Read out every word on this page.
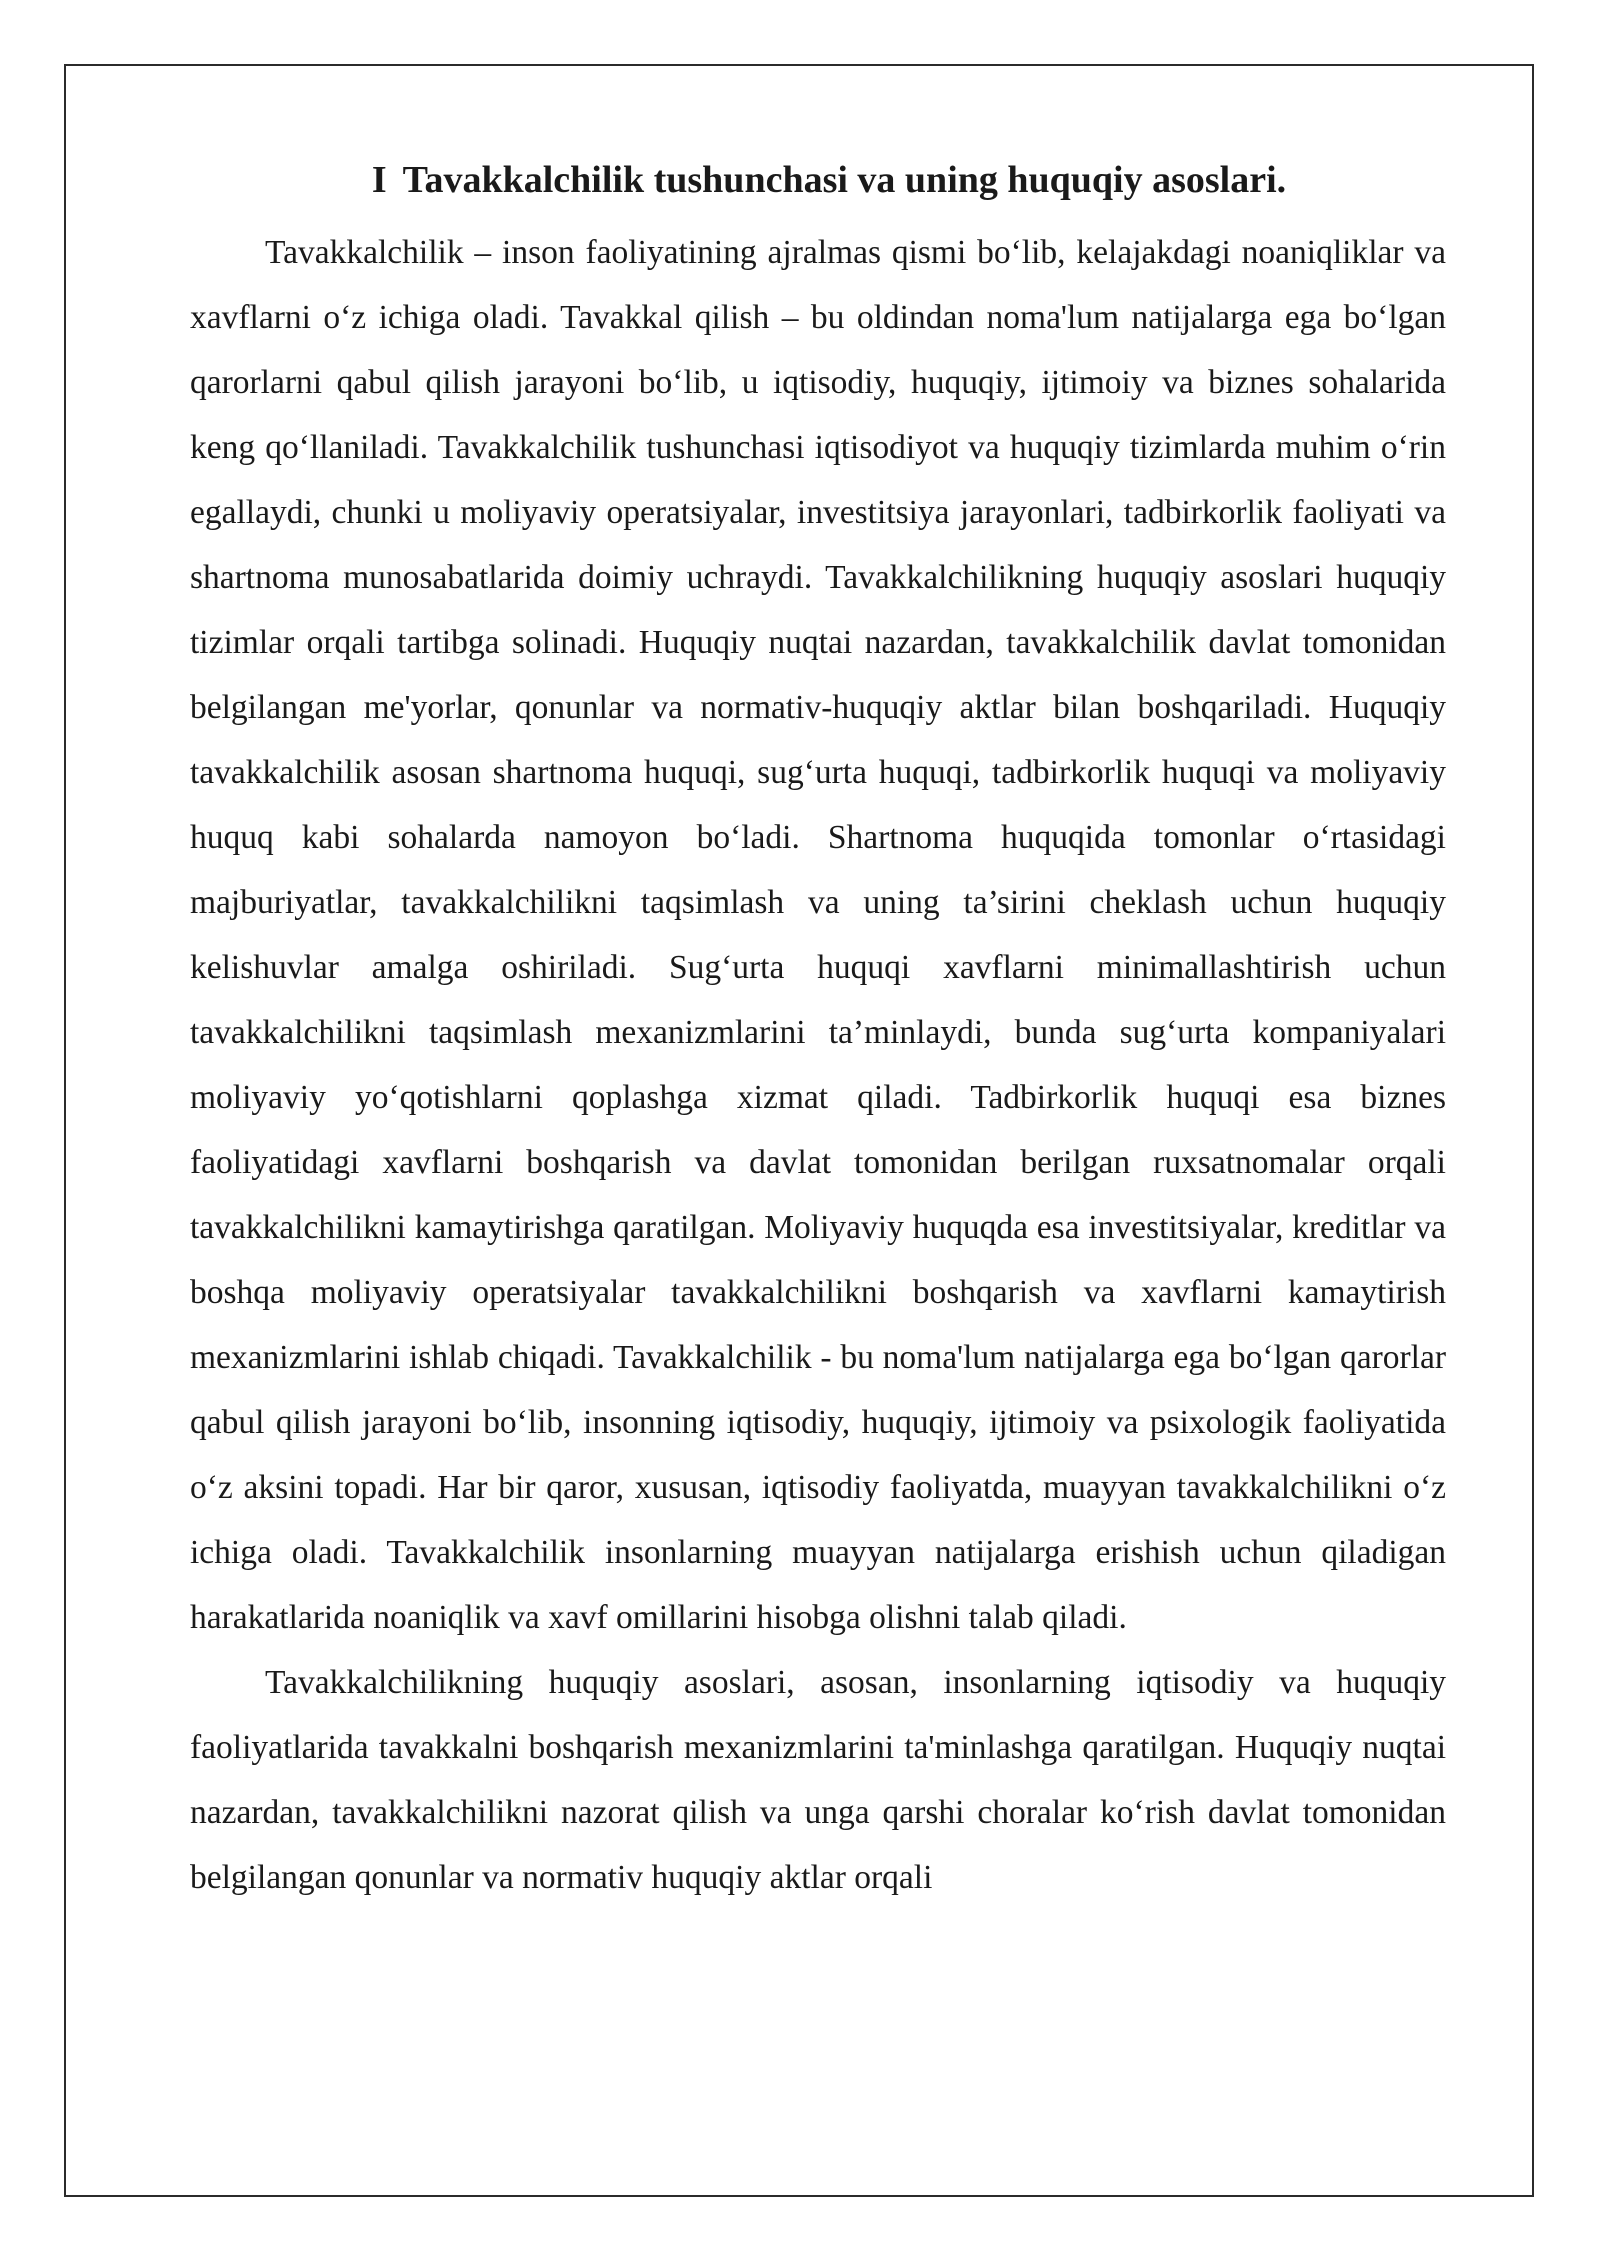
I Tavakkalchilik tushunchasi va uning huquqiy asoslari.

Tavakkalchilik – inson faoliyatining ajralmas qismi bo‘lib, kelajakdagi noaniqliklar va xavflarni o‘z ichiga oladi. Tavakkal qilish – bu oldindan noma'lum natijalarga ega bo‘lgan qarorlarni qabul qilish jarayoni bo‘lib, u iqtisodiy, huquqiy, ijtimoiy va biznes sohalarida keng qo‘llaniladi. Tavakkalchilik tushunchasi iqtisodiyot va huquqiy tizimlarda muhim o‘rin egallaydi, chunki u moliyaviy operatsiyalar, investitsiya jarayonlari, tadbirkorlik faoliyati va shartnoma munosabatlarida doimiy uchraydi. Tavakkalchilikning huquqiy asoslari huquqiy tizimlar orqali tartibga solinadi. Huquqiy nuqtai nazardan, tavakkalchilik davlat tomonidan belgilangan me'yorlar, qonunlar va normativ-huquqiy aktlar bilan boshqariladi. Huquqiy tavakkalchilik asosan shartnoma huquqi, sug‘urta huquqi, tadbirkorlik huquqi va moliyaviy huquq kabi sohalarda namoyon bo‘ladi. Shartnoma huquqida tomonlar o‘rtasidagi majburiyatlar, tavakkalchilikni taqsimlash va uning ta’sirini cheklash uchun huquqiy kelishuvlar amalga oshiriladi. Sug‘urta huquqi xavflarni minimallashtirish uchun tavakkalchilikni taqsimlash mexanizmlarini ta’minlaydi, bunda sug‘urta kompaniyalari moliyaviy yo‘qotishlarni qoplashga xizmat qiladi. Tadbirkorlik huquqi esa biznes faoliyatidagi xavflarni boshqarish va davlat tomonidan berilgan ruxsatnomalar orqali tavakkalchilikni kamaytirishga qaratilgan. Moliyaviy huquqda esa investitsiyalar, kreditlar va boshqa moliyaviy operatsiyalar tavakkalchilikni boshqarish va xavflarni kamaytirish mexanizmlarini ishlab chiqadi. Tavakkalchilik - bu noma'lum natijalarga ega bo‘lgan qarorlar qabul qilish jarayoni bo‘lib, insonning iqtisodiy, huquqiy, ijtimoiy va psixologik faoliyatida o‘z aksini topadi. Har bir qaror, xususan, iqtisodiy faoliyatda, muayyan tavakkalchilikni o‘z ichiga oladi. Tavakkalchilik insonlarning muayyan natijalarga erishish uchun qiladigan harakatlarida noaniqlik va xavf omillarini hisobga olishni talab qiladi.

Tavakkalchilikning huquqiy asoslari, asosan, insonlarning iqtisodiy va huquqiy faoliyatlarida tavakkalni boshqarish mexanizmlarini ta'minlashga qaratilgan. Huquqiy nuqtai nazardan, tavakkalchilikni nazorat qilish va unga qarshi choralar ko‘rish davlat tomonidan belgilangan qonunlar va normativ huquqiy aktlar orqali
